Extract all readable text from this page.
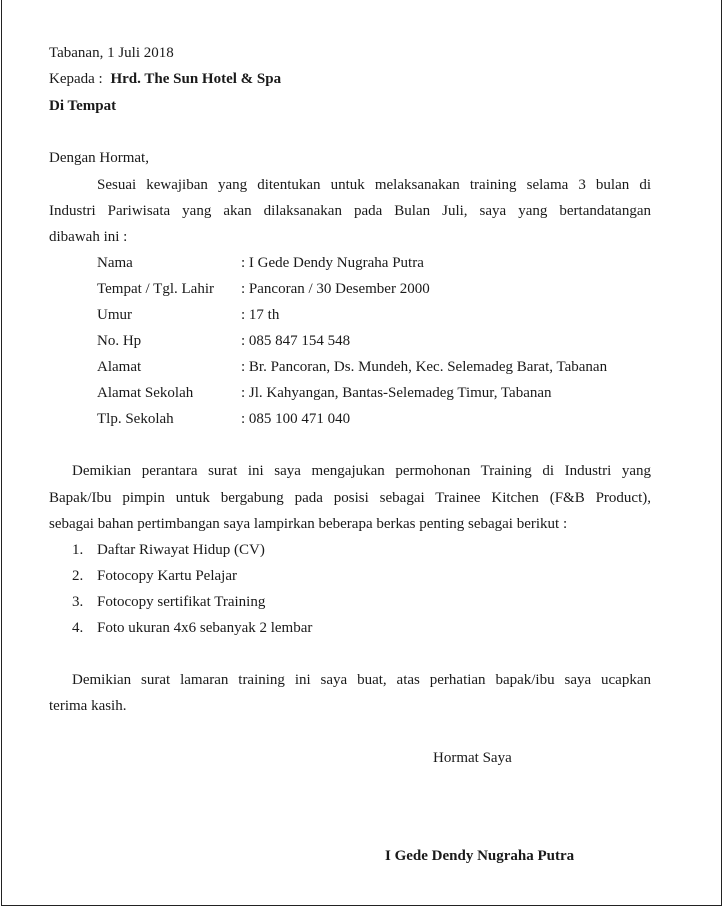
Tabanan, 1 Juli 2018
Kepada : Hrd. The Sun Hotel & Spa
Di Tempat
Dengan Hormat,
Sesuai kewajiban yang ditentukan untuk melaksanakan training selama 3 bulan di
Industri Pariwisata yang akan dilaksanakan pada Bulan Juli, saya yang bertandatangan
dibawah ini :
Nama	: I Gede Dendy Nugraha Putra
Tempat / Tgl. Lahir : Pancoran / 30 Desember 2000
Umur	: 17 th
No. Hp	: 085 847 154 548
Alamat	: Br. Pancoran, Ds. Mundeh, Kec. Selemadeg Barat, Tabanan
Alamat Sekolah	: Jl. Kahyangan, Bantas-Selemadeg Timur, Tabanan
Tlp. Sekolah	: 085 100 471 040
Demikian perantara surat ini saya mengajukan permohonan Training di Industri yang
Bapak/Ibu pimpin untuk bergabung pada posisi sebagai Trainee Kitchen (F&B Product),
sebagai bahan pertimbangan saya lampirkan beberapa berkas penting sebagai berikut :
1. Daftar Riwayat Hidup (CV)
2. Fotocopy Kartu Pelajar
3. Fotocopy sertifikat Training
4. Foto ukuran 4x6 sebanyak 2 lembar
Demikian surat lamaran training ini saya buat, atas perhatian bapak/ibu saya ucapkan
terima kasih.
Hormat Saya
I Gede Dendy Nugraha Putra
